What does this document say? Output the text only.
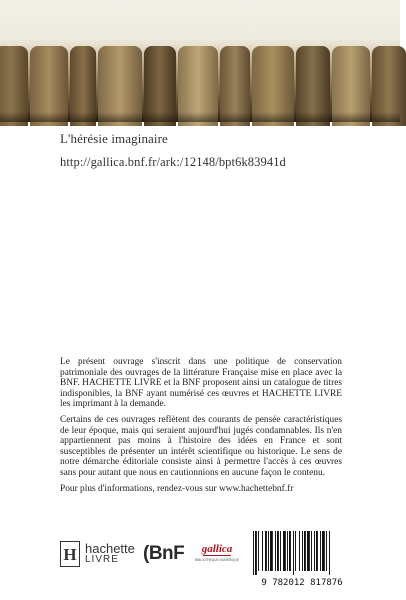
L'hérésie imaginaire
http://gallica.bnf.fr/ark:/12148/bpt6k83941d

Le présent ouvrage s'inscrit dans une politique de conservation patrimoniale des ouvrages de la littérature Française mise en place avec la BNF. HACHETTE LIVRE et la BNF proposent ainsi un catalogue de titres indisponibles, la BNF ayant numérisé ces œuvres et HACHETTE LIVRE les imprimant à la demande.

Certains de ces ouvrages reflètent des courants de pensée caractéristiques de leur époque, mais qui seraient aujourd'hui jugés condamnables. Ils n'en appartiennent pas moins à l'histoire des idées en France et sont susceptibles de présenter un intérêt scientifique ou historique. Le sens de notre démarche éditoriale consiste ainsi à permettre l'accès à ces œuvres sans pour autant que nous en cautionnions en aucune façon le contenu.

Pour plus d'informations, rendez-vous sur www.hachettebnf.fr

H hachette
LIVRE	(BnF gallica
BIBLIOTHEQUE NUMERIQUE
9 782012 817876
